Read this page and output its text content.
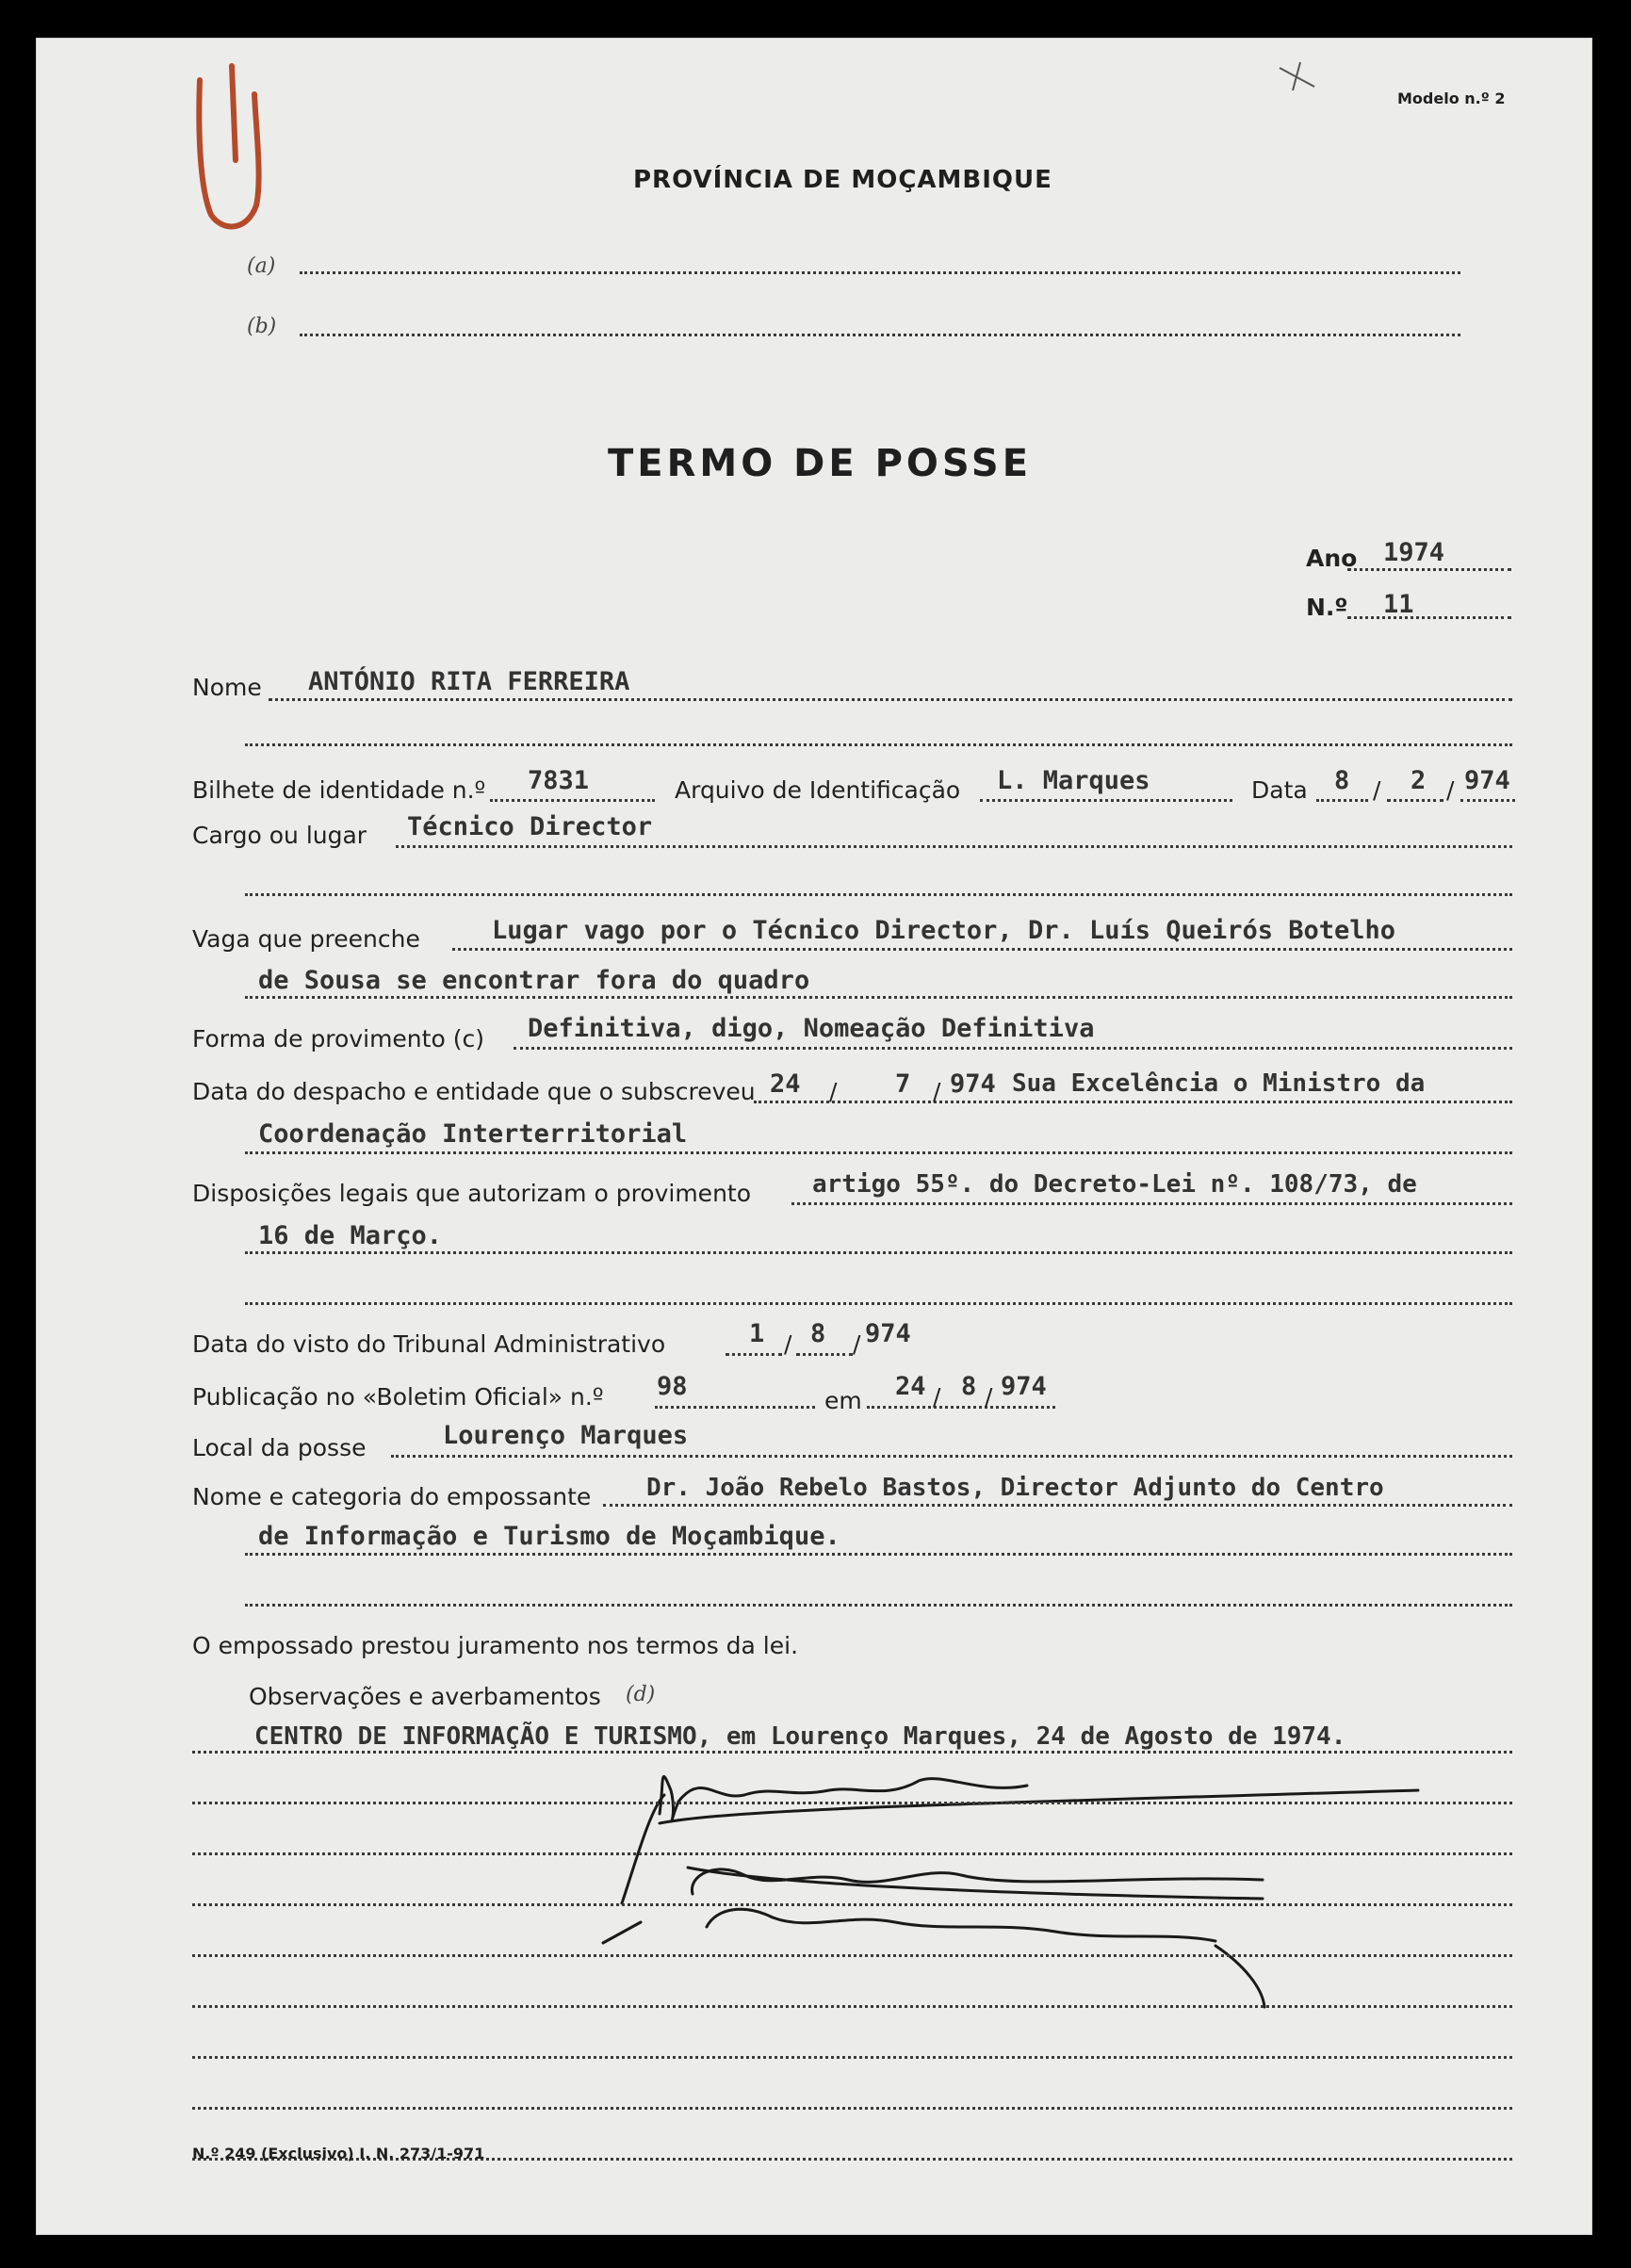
Modelo n.º 2
PROVÍNCIA DE MOÇAMBIQUE
(a)
(b)
TERMO DE POSSE
Ano 1974
N.º 11
Nome ANTÓNIO RITA FERREIRA
Bilhete de identidade n.º 7831	Arquivo de Identificação L. Marques	Data 8 / 2 / 974
Cargo ou lugar Técnico Director
Vaga que preenche	Lugar vago por o Técnico Director, Dr. Luís Queirós Botelho
de Sousa se encontrar fora do quadro
Forma de provimento (c) Definitiva, digo, Nomeação Definitiva
Data do despacho e entidade que o subscreveu 24 / 7 / 974 Sua Excelência o Ministro da
Coordenação Interterritorial
Disposições legais que autorizam o provimento artigo 55º. do Decreto-Lei nº. 108/73, de
16 de Março.
Data do visto do Tribunal Administrativo	1 / 8 / 974
Publicação no «Boletim Oficial» n.º 98	em 24 / 8 / 974
Local da posse	Lourenço Marques
Nome e categoria do empossante Dr. João Rebelo Bastos, Director Adjunto do Centro
de Informação e Turismo de Moçambique.
O empossado prestou juramento nos termos da lei.
Observações e averbamentos (d)
CENTRO DE INFORMAÇÃO E TURISMO, em Lourenço Marques, 24 de Agosto de 1974.
N.º 249 (Exclusivo) I. N. 273/1-971
